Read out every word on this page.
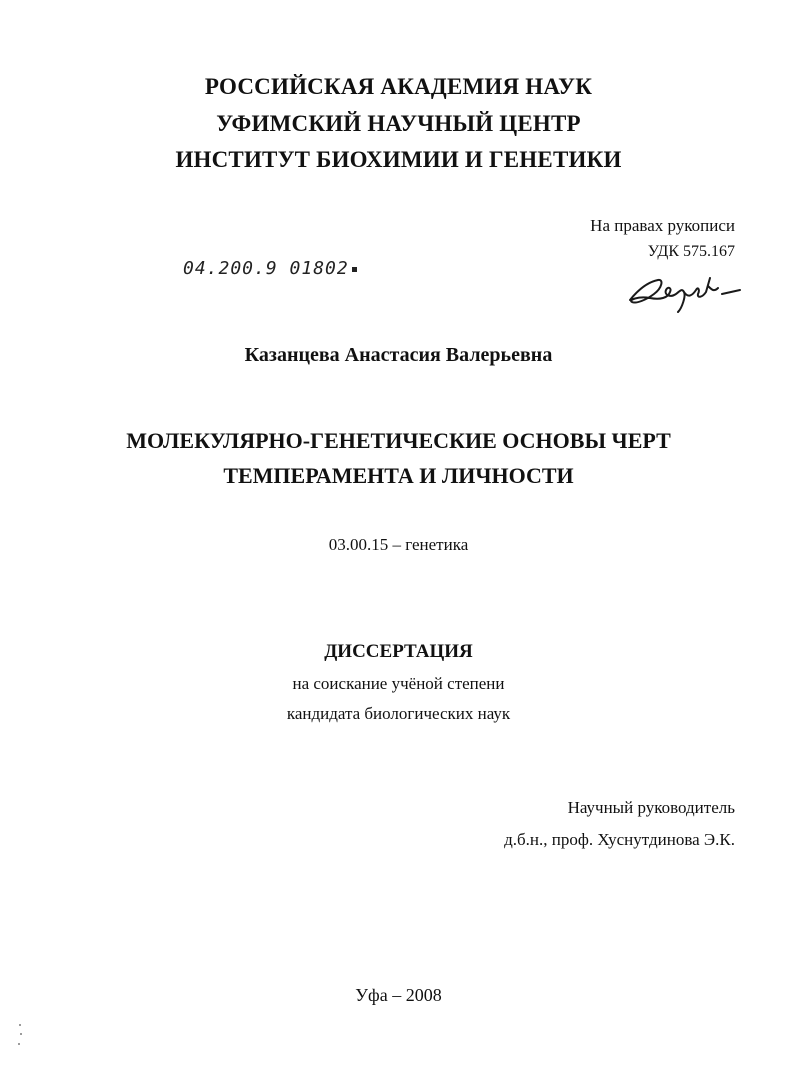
РОССИЙСКАЯ АКАДЕМИЯ НАУК
УФИМСКИЙ НАУЧНЫЙ ЦЕНТР
ИНСТИТУТ БИОХИМИИ И ГЕНЕТИКИ
На правах рукописи
УДК 575.167
04.200.9 01802
Казанцева Анастасия Валерьевна
МОЛЕКУЛЯРНО-ГЕНЕТИЧЕСКИЕ ОСНОВЫ ЧЕРТ
ТЕМПЕРАМЕНТА И ЛИЧНОСТИ
03.00.15 – генетика
ДИССЕРТАЦИЯ
на соискание учёной степени
кандидата биологических наук
Научный руководитель
д.б.н., проф. Хуснутдинова Э.К.
Уфа – 2008
